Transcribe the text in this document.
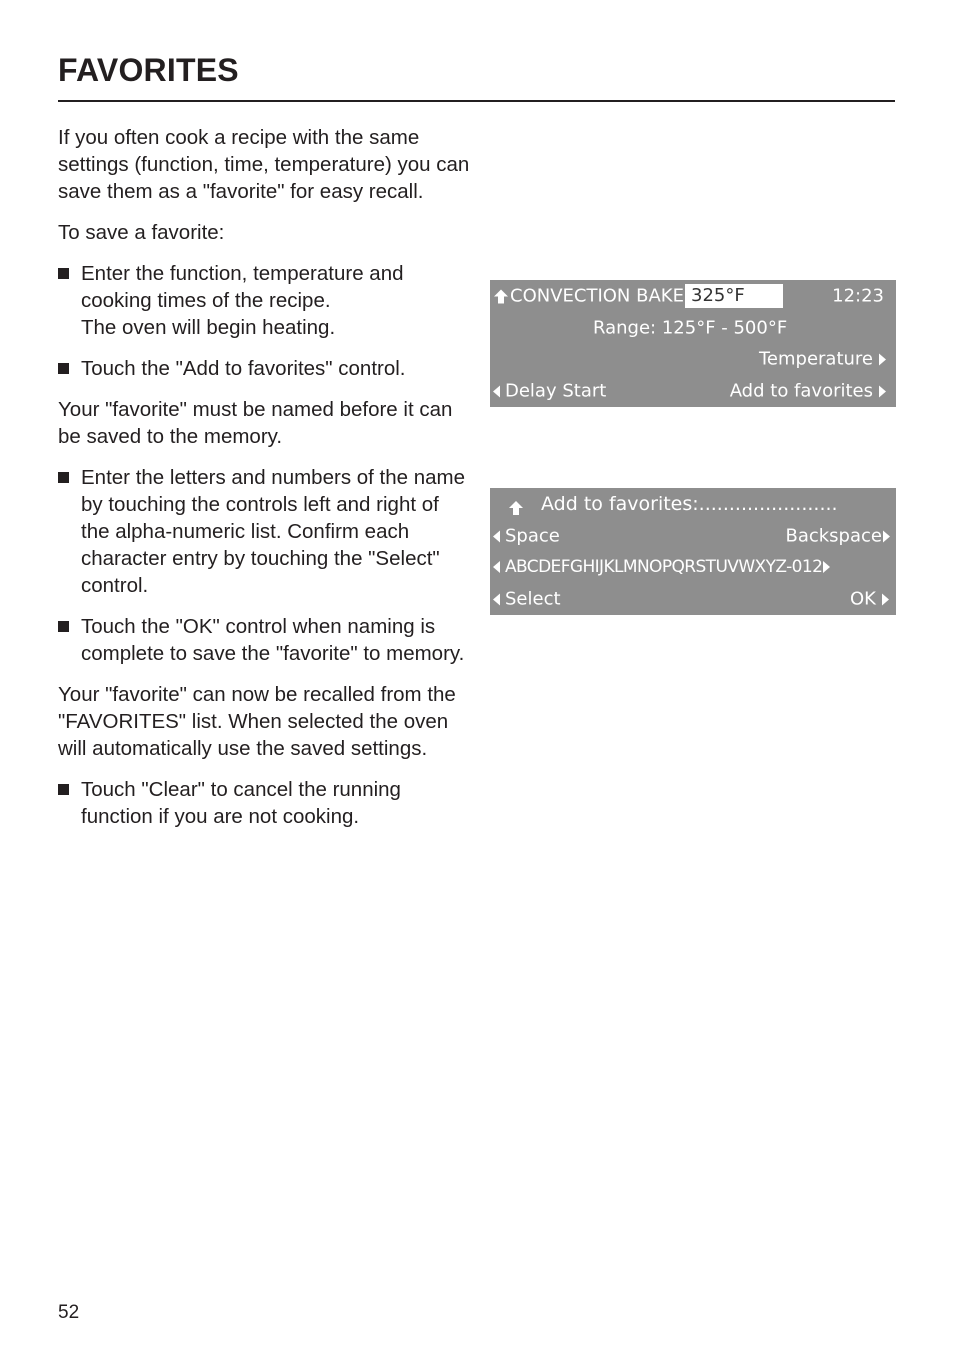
FAVORITES

If you often cook a recipe with the same settings (function, time, temperature) you can save them as a "favorite" for easy recall.

To save a favorite:

Enter the function, temperature and cooking times of the recipe.
The oven will begin heating.
Touch the "Add to favorites" control.

Your "favorite" must be named before it can be saved to the memory.

Enter the letters and numbers of the name by touching the controls left and right of the alpha-numeric list. Confirm each character entry by touching the "Select" control.
Touch the "OK" control when naming is complete to save the "favorite" to memory.

Your "favorite" can now be recalled from the "FAVORITES" list. When selected the oven will automatically use the saved settings.

Touch "Clear" to cancel the running function if you are not cooking.
CONVECTION BAKE 325°F	12:23
Range: 125°F - 500°F
Temperature
Delay Start	Add to favorites
Add to favorites:.......................
Space	Backspace
ABCDEFGHIJKLMNOPQRSTUVWXYZ-012
Select	OK
52
